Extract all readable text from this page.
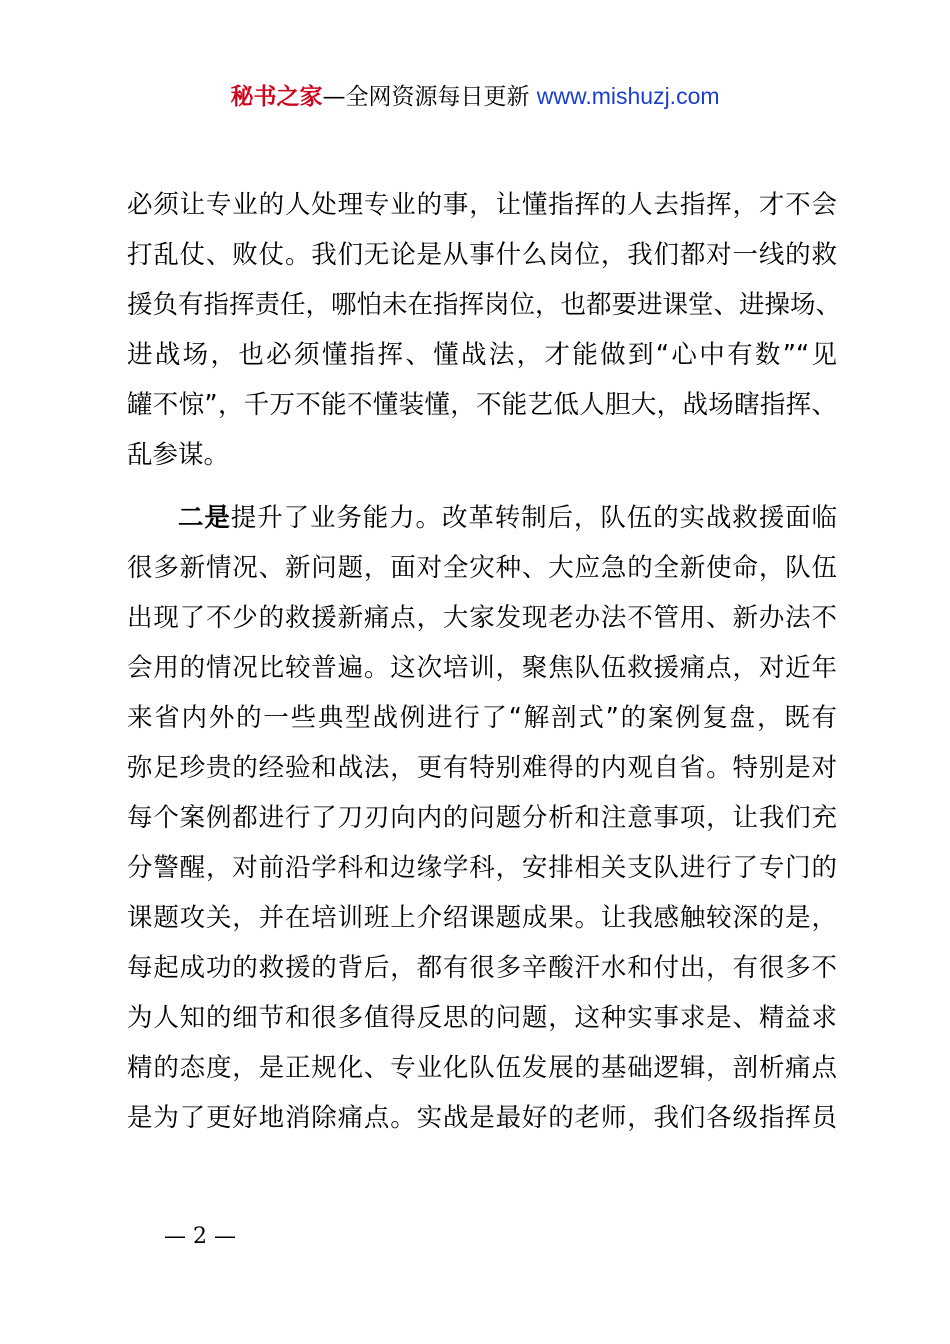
秘书之家—全网资源每日更新 www.mishuzj.com
必须让专业的人处理专业的事，让懂指挥的人去指挥，才不会
打乱仗、败仗。我们无论是从事什么岗位，我们都对一线的救
援负有指挥责任，哪怕未在指挥岗位，也都要进课堂、进操场、
进战场，也必须懂指挥、懂战法，才能做到“心中有数”“见
罐不惊”，千万不能不懂装懂，不能艺低人胆大，战场瞎指挥、
乱参谋。
二是提升了业务能力。改革转制后，队伍的实战救援面临
很多新情况、新问题，面对全灾种、大应急的全新使命，队伍
出现了不少的救援新痛点，大家发现老办法不管用、新办法不
会用的情况比较普遍。这次培训，聚焦队伍救援痛点，对近年
来省内外的一些典型战例进行了“解剖式”的案例复盘，既有
弥足珍贵的经验和战法，更有特别难得的内观自省。特别是对
每个案例都进行了刀刃向内的问题分析和注意事项，让我们充
分警醒，对前沿学科和边缘学科，安排相关支队进行了专门的
课题攻关，并在培训班上介绍课题成果。让我感触较深的是，
每起成功的救援的背后，都有很多辛酸汗水和付出，有很多不
为人知的细节和很多值得反思的问题，这种实事求是、精益求
精的态度，是正规化、专业化队伍发展的基础逻辑，剖析痛点
是为了更好地消除痛点。实战是最好的老师，我们各级指挥员
— 2 —
